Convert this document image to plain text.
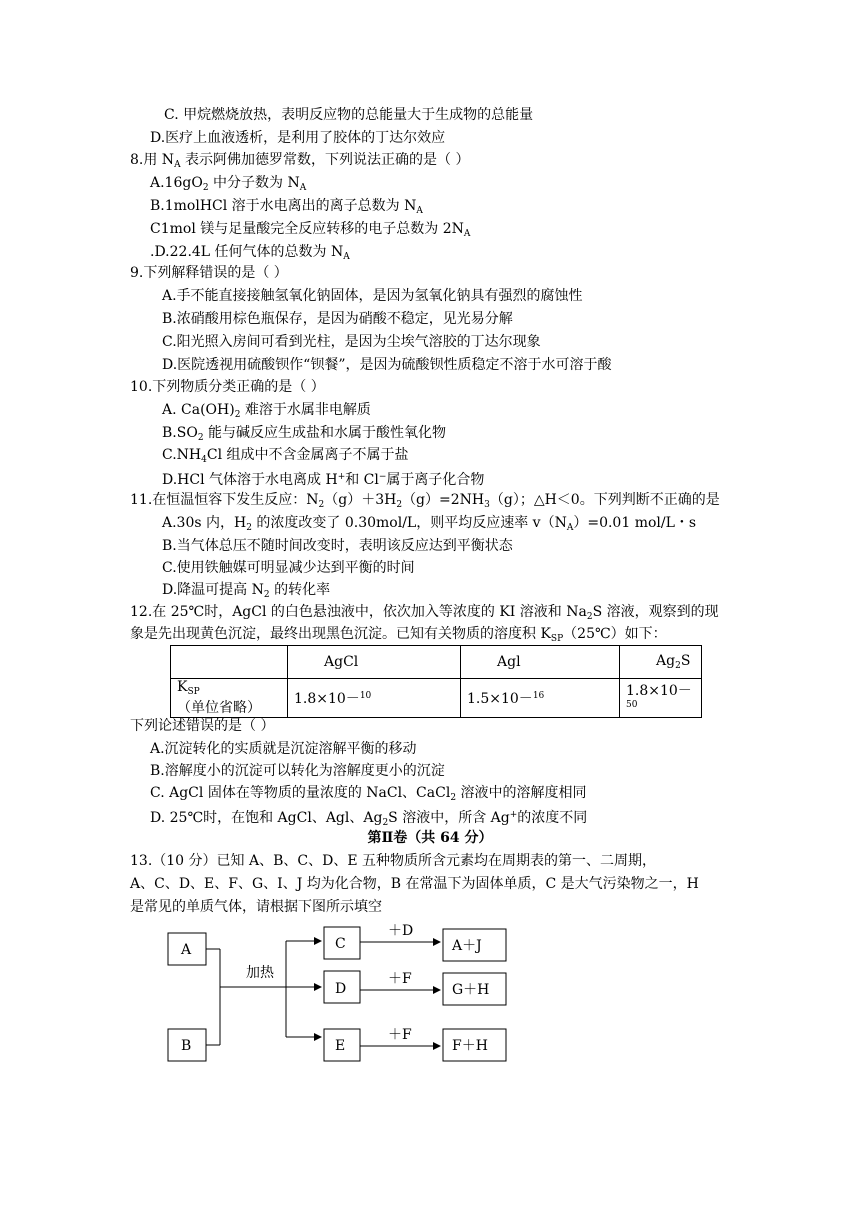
C. 甲烷燃烧放热，表明反应物的总能量大于生成物的总能量
D.医疗上血液透析，是利用了胶体的丁达尔效应
8.用 $N_A$ 表示阿佛加德罗常数，下列说法正确的是（ ）
$A.16gO_2$ 中分子数为 $N_A$
B.1molHCl 溶于水电离出的离子总数为 $N_A$
C1mol 镁与足量酸完全反应转移的电子总数为 $2N_A$
.D.22.4L 任何气体的总数为 $N_A$
9.下列解释错误的是（ ）
A.手不能直接接触氢氧化钠固体，是因为氢氧化钠具有强烈的腐蚀性
B.浓硝酸用棕色瓶保存，是因为硝酸不稳定，见光易分解
C.阳光照入房间可看到光柱，是因为尘埃气溶胶的丁达尔现象
D.医院透视用硫酸钡作“钡餐”，是因为硫酸钡性质稳定不溶于水可溶于酸
10.下列物质分类正确的是（ ）
A. $Ca(OH)_2$ 难溶于水属非电解质
$B.SO_2$ 能与碱反应生成盐和水属于酸性氧化物
$C.NH_4Cl$ 组成中不含金属离子不属于盐
D.HCl 气体溶于水电离成 H+和 Cl−属于离子化合物
11.在恒温恒容下发生反应：$N_2(g)+3H_2(g)=2NH_3(g)$；△H＜0。下列判断不正确的是
A.30s 内，$H_2$ 的浓度改变了 0.30mol/L，则平均反应速率 $v(N_A)=0.01$ mol/L・s
B.当气体总压不随时间改变时，表明该反应达到平衡状态
C.使用铁触媒可明显减少达到平衡的时间
D.降温可提高 $N_2$ 的转化率
12.在 25℃时，AgCl 的白色悬浊液中，依次加入等浓度的 KI 溶液和 $Na_2S$ 溶液，观察到的现
象是先出现黄色沉淀，最终出现黑色沉淀。已知有关物质的溶度积 $K_{SP}(25℃)$如下：
	AgCl	Agl	$Ag_2S$
$K_{SP}$（单位省略）	1.8×10－$^{10}$	1.5×10－$^{16}$	1.8×10－$^{50}$
下列论述错误的是（ ）
A.沉淀转化的实质就是沉淀溶解平衡的移动
B.溶解度小的沉淀可以转化为溶解度更小的沉淀
C. AgCl 固体在等物质的量浓度的 NaCl、CaCl$_2$ 溶液中的溶解度相同
D. 25℃时，在饱和 AgCl、Agl、$Ag_2S$ 溶液中，所含 Ag+的浓度不同
第Ⅱ卷（共 64 分）
13.（10 分）已知 A、B、C、D、E 五种物质所含元素均在周期表的第一、二周期，
A、C、D、E、F、G、I、J 均为化合物，B 在常温下为固体单质，C 是大气污染物之一，H
是常见的单质气体，请根据下图所示填空
A
B
加热
C
D
E
＋D
＋F
＋F
A＋J
G＋H
F＋H
